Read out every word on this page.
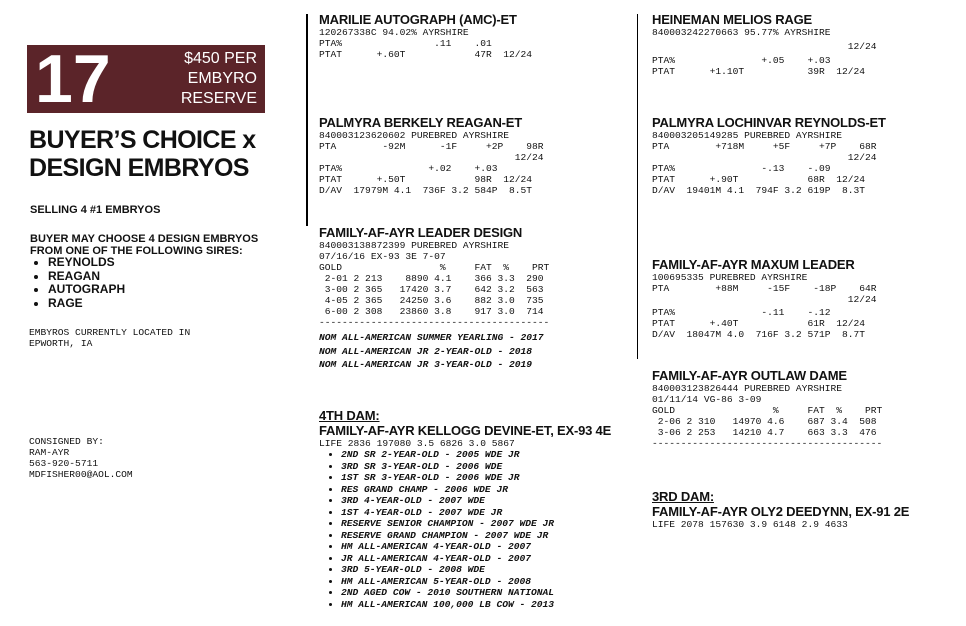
17	$450 PER
EMBYRO
RESERVE
BUYER’S CHOICE x
DESIGN EMBRYOS
SELLING 4 #1 EMBRYOS
BUYER MAY CHOOSE 4 DESIGN EMBRYOS
FROM ONE OF THE FOLLOWING SIRES:
• REYNOLDS
• REAGAN
• AUTOGRAPH
• RAGE
EMBYROS CURRENTLY LOCATED IN
EPWORTH, IA
CONSIGNED BY:
RAM-AYR
563-920-5711
MDFISHER00@AOL.COM
MARILIE AUTOGRAPH (AMC)-ET
120267338C 94.02% AYRSHIRE
PTA%                .11    .01
PTAT      +.60T            47R  12/24
PALMYRA BERKELY REAGAN-ET
840003123620602 PUREBRED AYRSHIRE
PTA        -92M      -1F     +2P    98R
12/24
PTA%               +.02    +.03
PTAT      +.50T            98R  12/24
D/AV  17979M 4.1  736F 3.2 584P  8.5T
FAMILY-AF-AYR LEADER DESIGN
840003138872399 PUREBRED AYRSHIRE
07/16/16 EX-93 3E 7-07
GOLD                 %     FAT  %    PRT
2-01 2 213    8890 4.1    366 3.3  290
3-00 2 365   17420 3.7    642 3.2  563
4-05 2 365   24250 3.6    882 3.0  735
6-00 2 308   23860 3.8    917 3.0  714
----------------------------------------
NOM ALL-AMERICAN SUMMER YEARLING - 2017
NOM ALL-AMERICAN JR 2-YEAR-OLD - 2018
NOM ALL-AMERICAN JR 3-YEAR-OLD - 2019
4TH DAM:
FAMILY-AF-AYR KELLOGG DEVINE-ET, EX-93 4E
LIFE 2836 197080 3.5 6826 3.0 5867
• 2ND SR 2-YEAR-OLD - 2005 WDE JR
• 3RD SR 3-YEAR-OLD - 2006 WDE
• 1ST SR 3-YEAR-OLD - 2006 WDE JR
• RES GRAND CHAMP - 2006 WDE JR
• 3RD 4-YEAR-OLD - 2007 WDE
• 1ST 4-YEAR-OLD - 2007 WDE JR
• RESERVE SENIOR CHAMPION - 2007 WDE JR
• RESERVE GRAND CHAMPION - 2007 WDE JR
• HM ALL-AMERICAN 4-YEAR-OLD - 2007
• JR ALL-AMERICAN 4-YEAR-OLD - 2007
• 3RD 5-YEAR-OLD - 2008 WDE
• HM ALL-AMERICAN 5-YEAR-OLD - 2008
• 2ND AGED COW - 2010 SOUTHERN NATIONAL
• HM ALL-AMERICAN 100,000 LB COW - 2013
HEINEMAN MELIOS RAGE
840003242270663 95.77% AYRSHIRE
12/24
PTA%               +.05    +.03
PTAT      +1.10T           39R  12/24
PALMYRA LOCHINVAR REYNOLDS-ET
840003205149285 PUREBRED AYRSHIRE
PTA        +718M     +5F     +7P    68R
12/24
PTA%               -.13    -.09
PTAT      +.90T            68R  12/24
D/AV  19401M 4.1  794F 3.2 619P  8.3T
FAMILY-AF-AYR MAXUM LEADER
100695335 PUREBRED AYRSHIRE
PTA        +88M     -15F    -18P    64R
12/24
PTA%               -.11    -.12
PTAT      +.40T            61R  12/24
D/AV  18047M 4.0  716F 3.2 571P  8.7T
FAMILY-AF-AYR OUTLAW DAME
840003123826444 PUREBRED AYRSHIRE
01/11/14 VG-86 3-09
GOLD                 %     FAT  %    PRT
2-06 2 310   14970 4.6    687 3.4  508
3-06 2 253   14210 4.7    663 3.3  476
----------------------------------------
3RD DAM:
FAMILY-AF-AYR OLY2 DEEDYNN, EX-91 2E
LIFE 2078 157630 3.9 6148 2.9 4633
